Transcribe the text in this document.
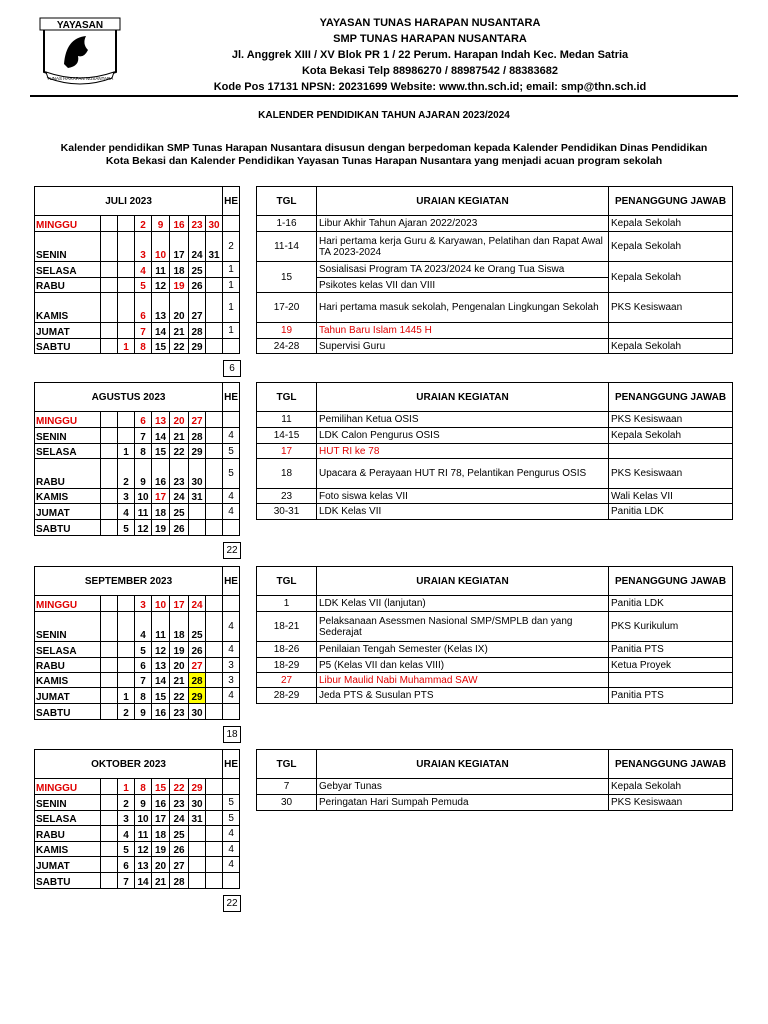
YAYASAN
TUNAS HARAPAN NUSANTARA
YAYASAN TUNAS HARAPAN NUSANTARA
SMP TUNAS HARAPAN NUSANTARA
Jl. Anggrek XIII / XV Blok PR 1 / 22 Perum. Harapan Indah Kec. Medan Satria
Kota Bekasi Telp 88986270 / 88987542 / 88383682
Kode Pos 17131 NPSN: 20231699 Website: www.thn.sch.id; email: smp@thn.sch.id
KALENDER PENDIDIKAN TAHUN AJARAN 2023/2024
Kalender pendidikan SMP Tunas Harapan Nusantara disusun dengan berpedoman kepada Kalender Pendidikan Dinas Pendidikan
Kota Bekasi dan Kalender Pendidikan Yayasan Tunas Harapan Nusantara yang menjadi acuan program sekolah
JULI 2023								HE
MINGGU			2	9	16	23	30	
SENIN			3	10	17	24	31	2
SELASA			4	11	18	25		1
RABU			5	12	19	26		1
KAMIS			6	13	20	27		1
JUMAT			7	14	21	28		1
SABTU		1	8	15	22	29		
6
TGL	URAIAN KEGIATAN	PENANGGUNG JAWAB
1-16	Libur Akhir Tahun Ajaran 2022/2023	Kepala Sekolah
11-14	Hari pertama kerja Guru & Karyawan, Pelatihan dan Rapat Awal TA 2023-2024	Kepala Sekolah
15	Sosialisasi Program TA 2023/2024 ke Orang Tua Siswa	Kepala Sekolah
	Psikotes kelas VII dan VIII	
17-20	Hari pertama masuk sekolah, Pengenalan Lingkungan Sekolah	PKS Kesiswaan
19	Tahun Baru Islam 1445 H	
24-28	Supervisi Guru	Kepala Sekolah
AGUSTUS 2023								HE
MINGGU			6	13	20	27		
SENIN			7	14	21	28		4
SELASA		1	8	15	22	29		5
RABU		2	9	16	23	30		5
KAMIS		3	10	17	24	31		4
JUMAT		4	11	18	25			4
SABTU		5	12	19	26			
22
TGL	URAIAN KEGIATAN	PENANGGUNG JAWAB
11	Pemilihan Ketua OSIS	PKS Kesiswaan
14-15	LDK Calon Pengurus OSIS	Kepala Sekolah
17	HUT RI ke 78	
18	Upacara & Perayaan HUT RI 78, Pelantikan Pengurus OSIS	PKS Kesiswaan
23	Foto siswa kelas VII	Wali Kelas VII
30-31	LDK Kelas VII	Panitia LDK
SEPTEMBER 2023								HE
MINGGU			3	10	17	24		
SENIN			4	11	18	25		4
SELASA			5	12	19	26		4
RABU			6	13	20	27		3
KAMIS			7	14	21	28		3
JUMAT		1	8	15	22	29		4
SABTU		2	9	16	23	30		
18
TGL	URAIAN KEGIATAN	PENANGGUNG JAWAB
1	LDK Kelas VII (lanjutan)	Panitia LDK
18-21	Pelaksanaan Asessmen Nasional SMP/SMPLB dan yang Sederajat	PKS Kurikulum
18-26	Penilaian Tengah Semester (Kelas IX)	Panitia PTS
18-29	P5 (Kelas VII dan kelas VIII)	Ketua Proyek
27	Libur Maulid Nabi Muhammad SAW	
28-29	Jeda PTS & Susulan PTS	Panitia PTS
OKTOBER 2023								HE
MINGGU		1	8	15	22	29		
SENIN		2	9	16	23	30		5
SELASA		3	10	17	24	31		5
RABU		4	11	18	25			4
KAMIS		5	12	19	26			4
JUMAT		6	13	20	27			4
SABTU		7	14	21	28			
22
TGL	URAIAN KEGIATAN	PENANGGUNG JAWAB
7	Gebyar Tunas	Kepala Sekolah
30	Peringatan Hari Sumpah Pemuda	PKS Kesiswaan
